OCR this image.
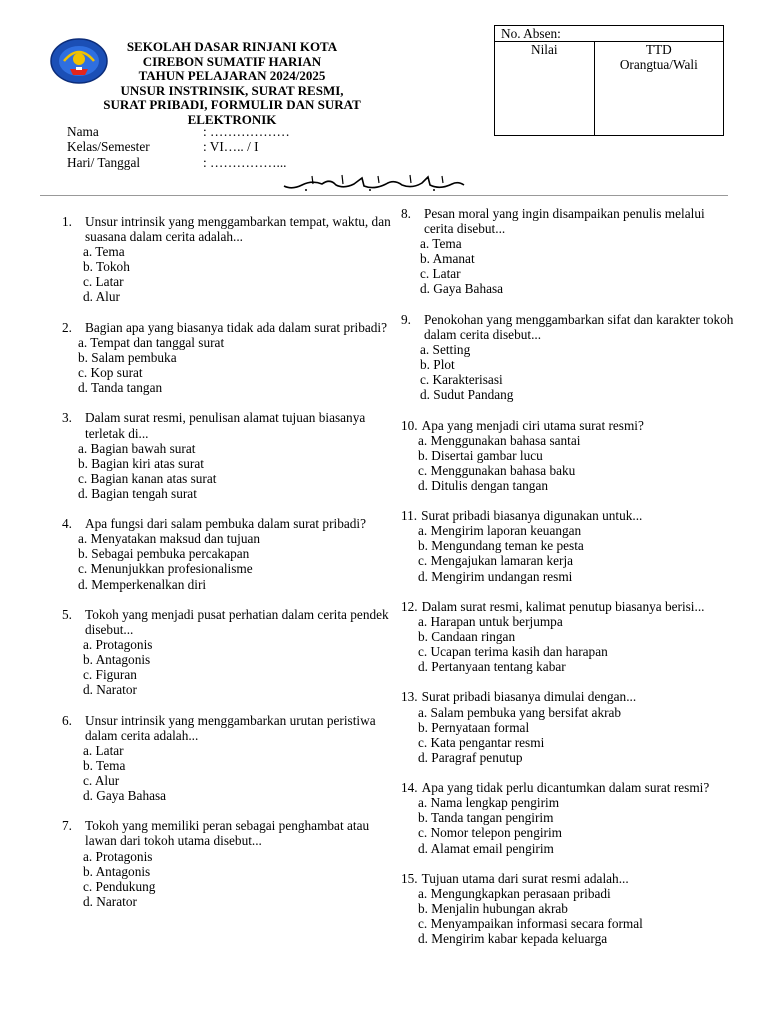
SEKOLAH DASAR RINJANI KOTA
CIREBON SUMATIF HARIAN
TAHUN PELAJARAN 2024/2025
UNSUR INSTRINSIK, SURAT RESMI,
SURAT PRIBADI, FORMULIR DAN SURAT
ELEKTRONIK
Nama	: ………………
Kelas/Semester	: VI….. / I
Hari/ Tanggal	: ……………...
No. Absen:
Nilai	TTD
Orangtua/Wali
1. Unsur intrinsik yang menggambarkan tempat, waktu, dan suasana dalam cerita adalah...
a. Tema
b. Tokoh
c. Latar
d. Alur
2. Bagian apa yang biasanya tidak ada dalam surat pribadi?
a. Tempat dan tanggal surat
b. Salam pembuka
c. Kop surat
d. Tanda tangan
3. Dalam surat resmi, penulisan alamat tujuan biasanya terletak di...
a. Bagian bawah surat
b. Bagian kiri atas surat
c. Bagian kanan atas surat
d. Bagian tengah surat
4. Apa fungsi dari salam pembuka dalam surat pribadi?
a. Menyatakan maksud dan tujuan
b. Sebagai pembuka percakapan
c. Menunjukkan profesionalisme
d. Memperkenalkan diri
5. Tokoh yang menjadi pusat perhatian dalam cerita pendek disebut...
a. Protagonis
b. Antagonis
c. Figuran
d. Narator
6. Unsur intrinsik yang menggambarkan urutan peristiwa dalam cerita adalah...
a. Latar
b. Tema
c. Alur
d. Gaya Bahasa
7. Tokoh yang memiliki peran sebagai penghambat atau lawan dari tokoh utama disebut...
a. Protagonis
b. Antagonis
c. Pendukung
d. Narator
8. Pesan moral yang ingin disampaikan penulis melalui cerita disebut...
a. Tema
b. Amanat
c. Latar
d. Gaya Bahasa
9. Penokohan yang menggambarkan sifat dan karakter tokoh dalam cerita disebut...
a. Setting
b. Plot
c. Karakterisasi
d. Sudut Pandang
10. Apa yang menjadi ciri utama surat resmi?
a. Menggunakan bahasa santai
b. Disertai gambar lucu
c. Menggunakan bahasa baku
d. Ditulis dengan tangan
11. Surat pribadi biasanya digunakan untuk...
a. Mengirim laporan keuangan
b. Mengundang teman ke pesta
c. Mengajukan lamaran kerja
d. Mengirim undangan resmi
12. Dalam surat resmi, kalimat penutup biasanya berisi...
a. Harapan untuk berjumpa
b. Candaan ringan
c. Ucapan terima kasih dan harapan
d. Pertanyaan tentang kabar
13. Surat pribadi biasanya dimulai dengan...
a. Salam pembuka yang bersifat akrab
b. Pernyataan formal
c. Kata pengantar resmi
d. Paragraf penutup
14. Apa yang tidak perlu dicantumkan dalam surat resmi?
a. Nama lengkap pengirim
b. Tanda tangan pengirim
c. Nomor telepon pengirim
d. Alamat email pengirim
15. Tujuan utama dari surat resmi adalah...
a. Mengungkapkan perasaan pribadi
b. Menjalin hubungan akrab
c. Menyampaikan informasi secara formal
d. Mengirim kabar kepada keluarga
